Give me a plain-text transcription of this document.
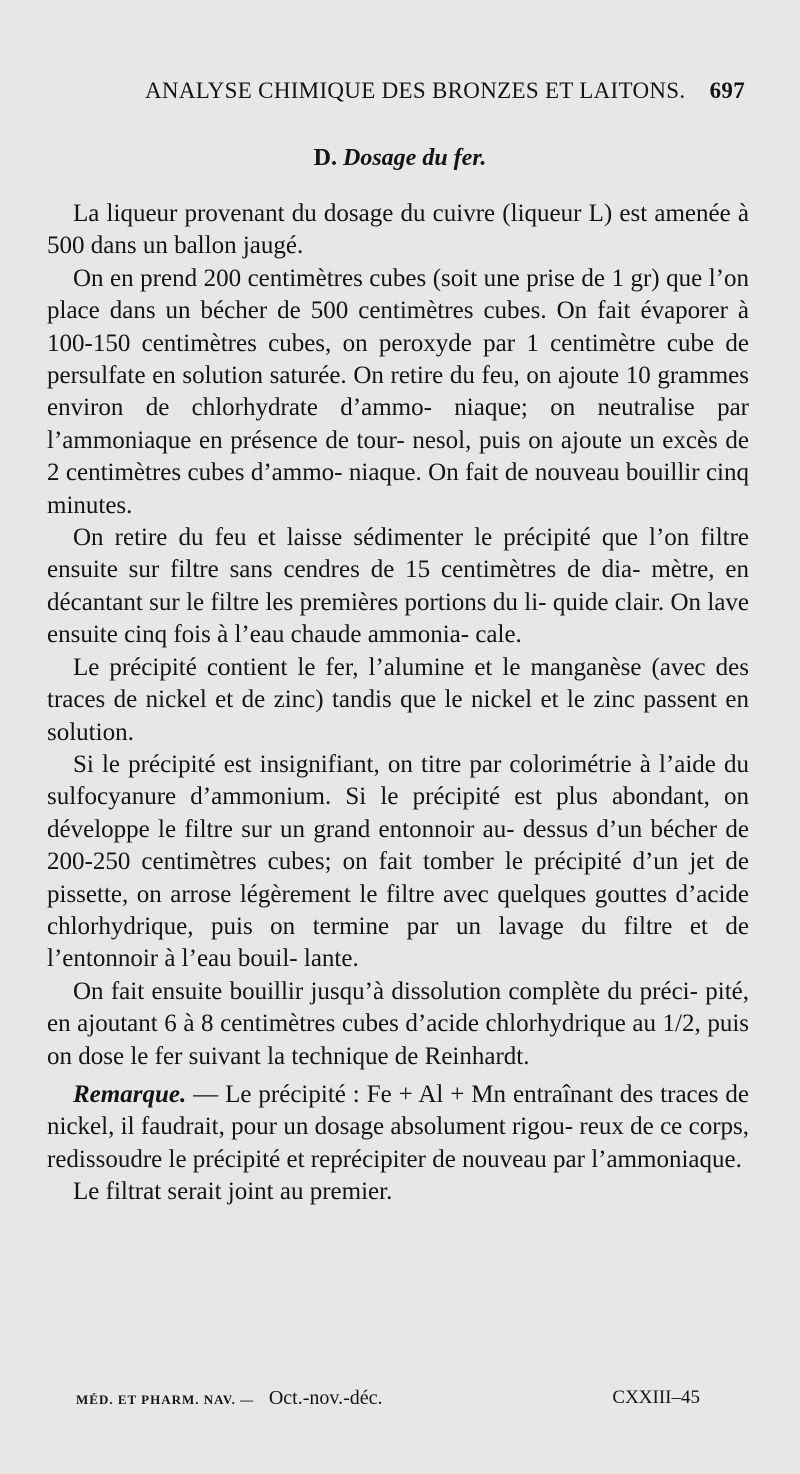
ANALYSE CHIMIQUE DES BRONZES ET LAITONS. 697
D. Dosage du fer.

La liqueur provenant du dosage du cuivre (liqueur L) est amenée à 500 dans un ballon jaugé.

On en prend 200 centimètres cubes (soit une prise de 1 gr) que l’on place dans un bécher de 500 centimètres cubes. On fait évaporer à 100-150 centimètres cubes, on peroxyde par 1 centimètre cube de persulfate en solution saturée. On retire du feu, on ajoute 10 grammes environ de chlorhydrate d’ammo- niaque; on neutralise par l’ammoniaque en présence de tour- nesol, puis on ajoute un excès de 2 centimètres cubes d’ammo- niaque. On fait de nouveau bouillir cinq minutes.

On retire du feu et laisse sédimenter le précipité que l’on filtre ensuite sur filtre sans cendres de 15 centimètres de dia- mètre, en décantant sur le filtre les premières portions du li- quide clair. On lave ensuite cinq fois à l’eau chaude ammonia- cale.

Le précipité contient le fer, l’alumine et le manganèse (avec des traces de nickel et de zinc) tandis que le nickel et le zinc passent en solution.

Si le précipité est insignifiant, on titre par colorimétrie à l’aide du sulfocyanure d’ammonium. Si le précipité est plus abondant, on développe le filtre sur un grand entonnoir au- dessus d’un bécher de 200-250 centimètres cubes; on fait tomber le précipité d’un jet de pissette, on arrose légèrement le filtre avec quelques gouttes d’acide chlorhydrique, puis on termine par un lavage du filtre et de l’entonnoir à l’eau bouil- lante.

On fait ensuite bouillir jusqu’à dissolution complète du préci- pité, en ajoutant 6 à 8 centimètres cubes d’acide chlorhydrique au 1/2, puis on dose le fer suivant la technique de Reinhardt.

Remarque. — Le précipité : Fe + Al + Mn entraînant des traces de nickel, il faudrait, pour un dosage absolument rigou- reux de ce corps, redissoudre le précipité et reprécipiter de nouveau par l’ammoniaque.

Le filtrat serait joint au premier.

MÉD. ET PHARM. NAV. — Oct.-nov.-déc.	CXXIII–45
